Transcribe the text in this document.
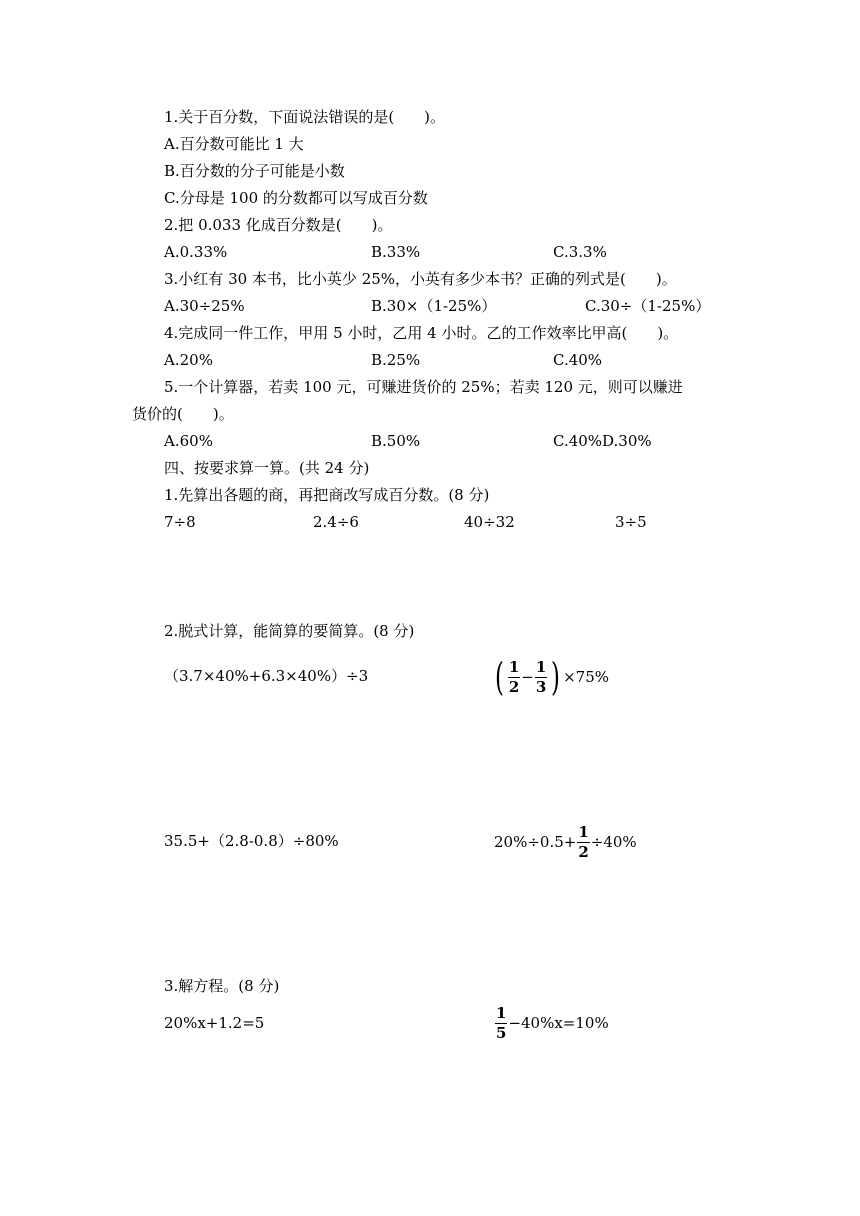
1.关于百分数，下面说法错误的是(　　)。
A.百分数可能比 1 大
B.百分数的分子可能是小数
C.分母是 100 的分数都可以写成百分数
2.把 0.033 化成百分数是(　　)。
A.0.33%	B.33%	C.3.3%
3.小红有 30 本书，比小英少 25%，小英有多少本书？正确的列式是(　　)。
A.30÷25%	B.30×（1-25%）	C.30÷（1-25%）
4.完成同一件工作，甲用 5 小时，乙用 4 小时。乙的工作效率比甲高(　　)。
A.20%	B.25%	C.40%
5.一个计算器，若卖 100 元，可赚进货价的 25%；若卖 120 元，则可以赚进
货价的(　　)。
A.60%	B.50%	C.40%D.30%
四、按要求算一算。(共 24 分)
1.先算出各题的商，再把商改写成百分数。(8 分)
7÷8	2.4÷6	40÷32	3÷5
2.脱式计算，能简算的要简算。(8 分)
（3.7×40%+6.3×40%）÷3	( $\frac{1}{2} - \frac{1}{3}$ ) ×75%
35.5+（2.8-0.8）÷80%	$20\%\div 0.5+ \frac{1}{2} \div 40\%$
3.解方程。(8 分)
20%x+1.2=5	$\frac{1}{5} -40\%x=10\%$
